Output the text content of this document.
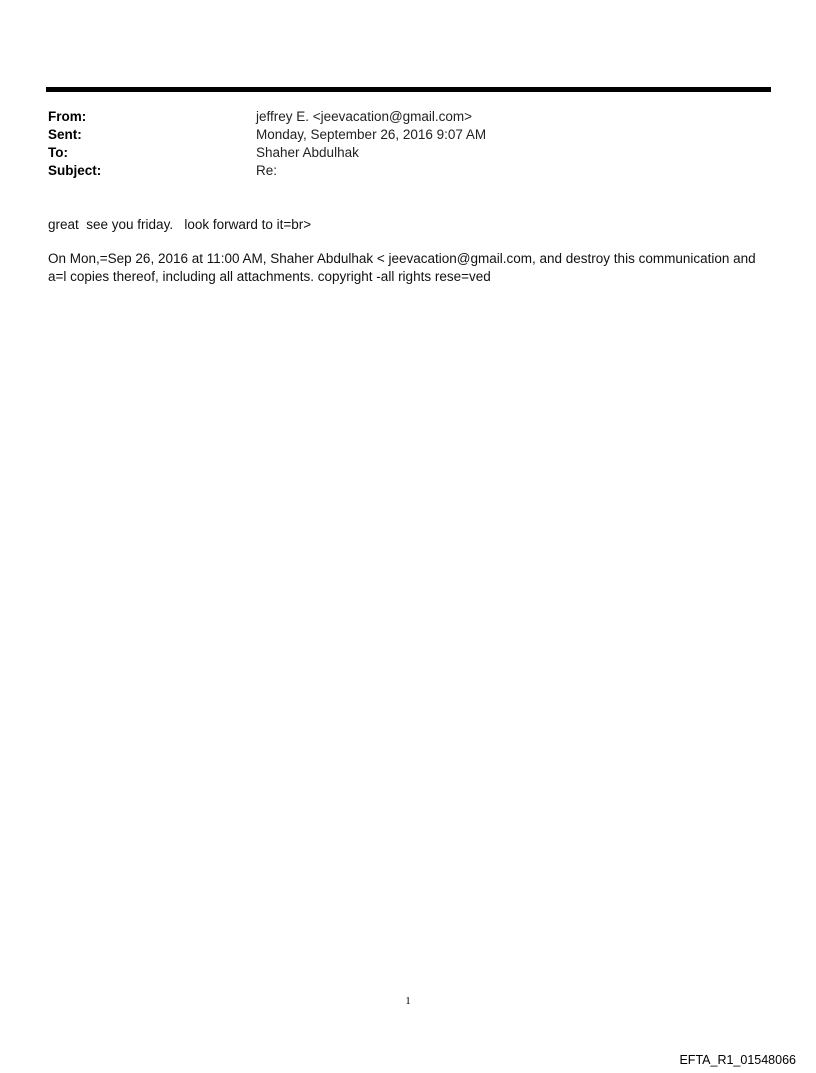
From:	jeffrey E. <jeevacation@gmail.com>
Sent:	Monday, September 26, 2016 9:07 AM
To:	Shaher Abdulhak
Subject:	Re:

great  see you friday.   look forward to it=br>

On Mon,=Sep 26, 2016 at 11:00 AM, Shaher Abdulhak < jeevacation@gmail.com, and destroy this communication and

a=l copies thereof, including all attachments. copyright -all rights rese=ved

1
EFTA_R1_01548066
